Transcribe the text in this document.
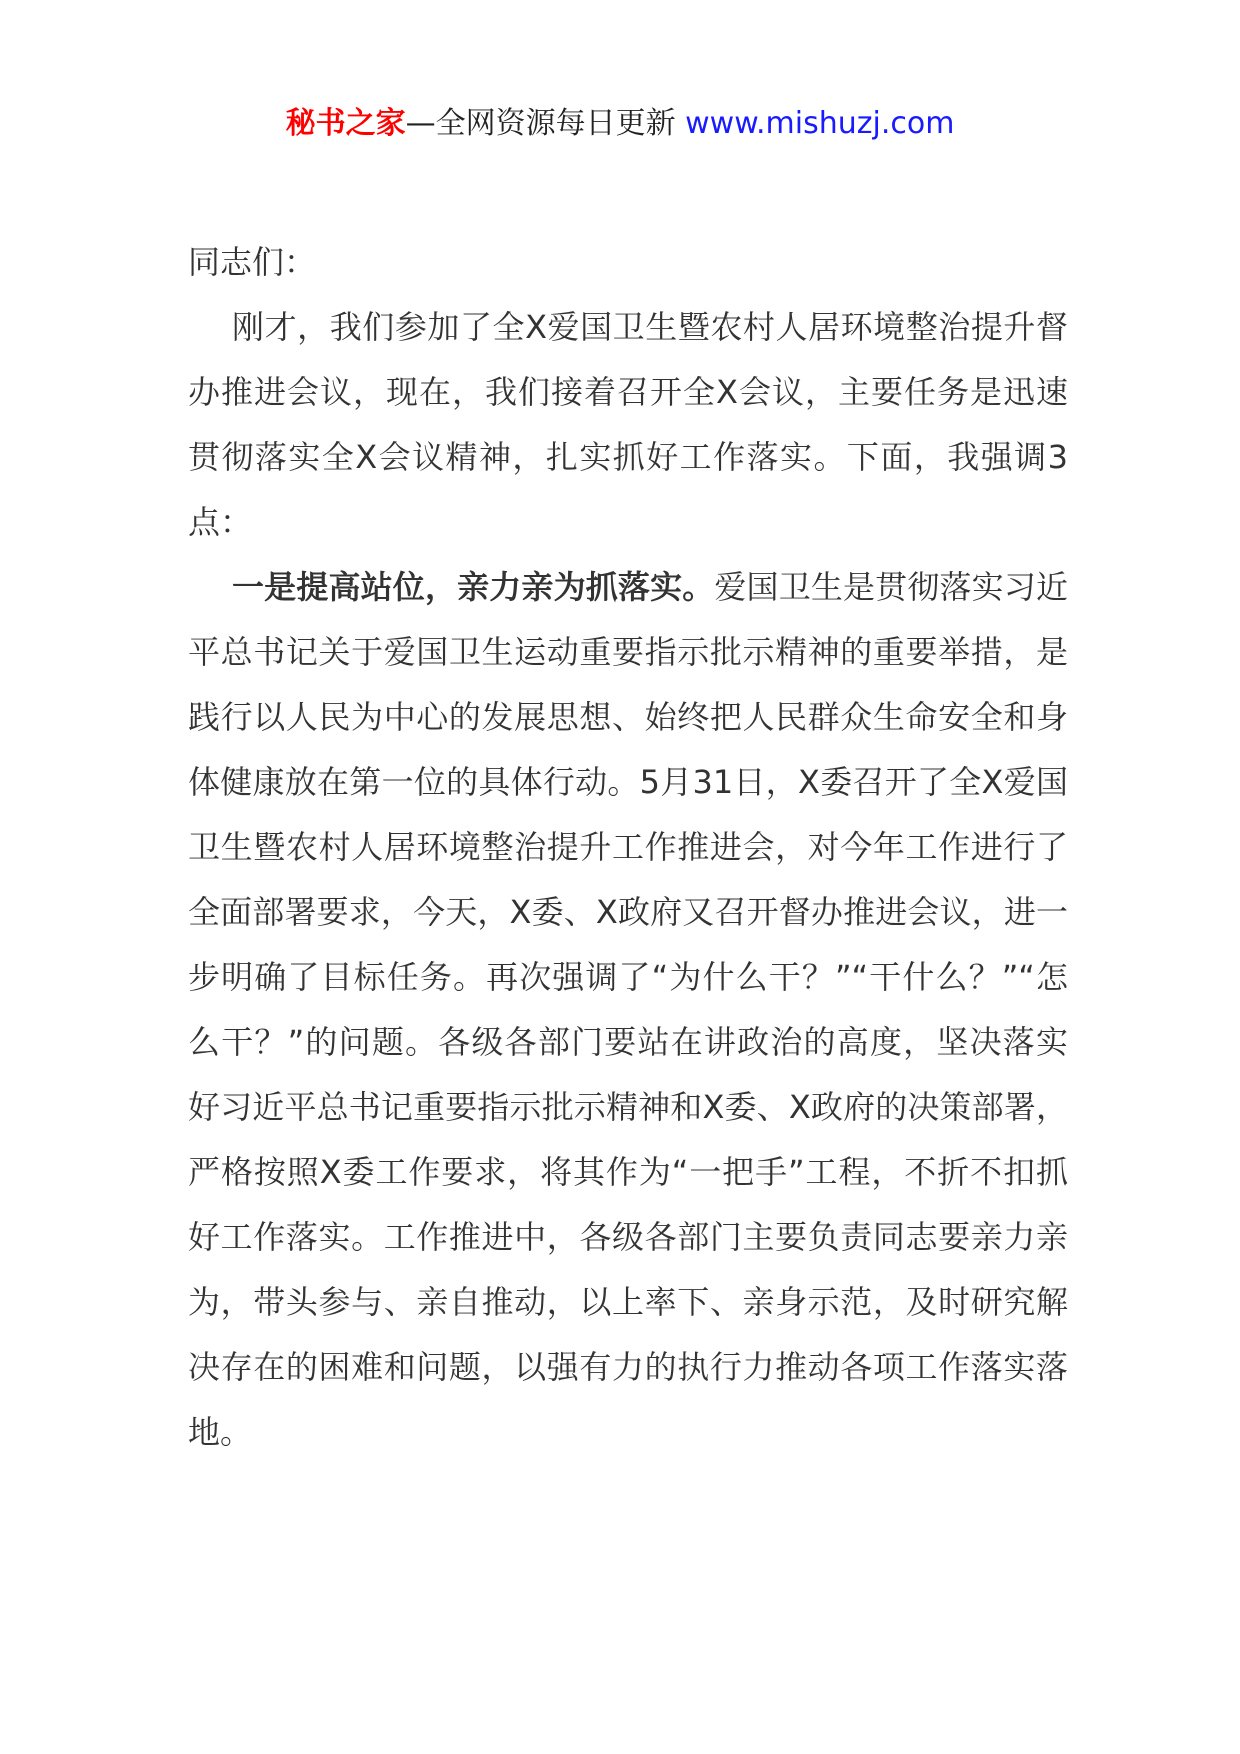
秘书之家—全网资源每日更新 www.mishuzj.com

同志们：

刚才，我们参加了全X爱国卫生暨农村人居环境整治提升督办推进会议，现在，我们接着召开全X会议，主要任务是迅速贯彻落实全X会议精神，扎实抓好工作落实。下面，我强调3点：

一是提高站位，亲力亲为抓落实。爱国卫生是贯彻落实习近平总书记关于爱国卫生运动重要指示批示精神的重要举措，是践行以人民为中心的发展思想、始终把人民群众生命安全和身体健康放在第一位的具体行动。5月31日，X委召开了全X爱国卫生暨农村人居环境整治提升工作推进会，对今年工作进行了全面部署要求，今天，X委、X政府又召开督办推进会议，进一步明确了目标任务。再次强调了“为什么干？”“干什么？”“怎么干？”的问题。各级各部门要站在讲政治的高度，坚决落实好习近平总书记重要指示批示精神和X委、X政府的决策部署，严格按照X委工作要求，将其作为“一把手”工程，不折不扣抓好工作落实。工作推进中，各级各部门主要负责同志要亲力亲为，带头参与、亲自推动，以上率下、亲身示范，及时研究解决存在的困难和问题，以强有力的执行力推动各项工作落实落地。
